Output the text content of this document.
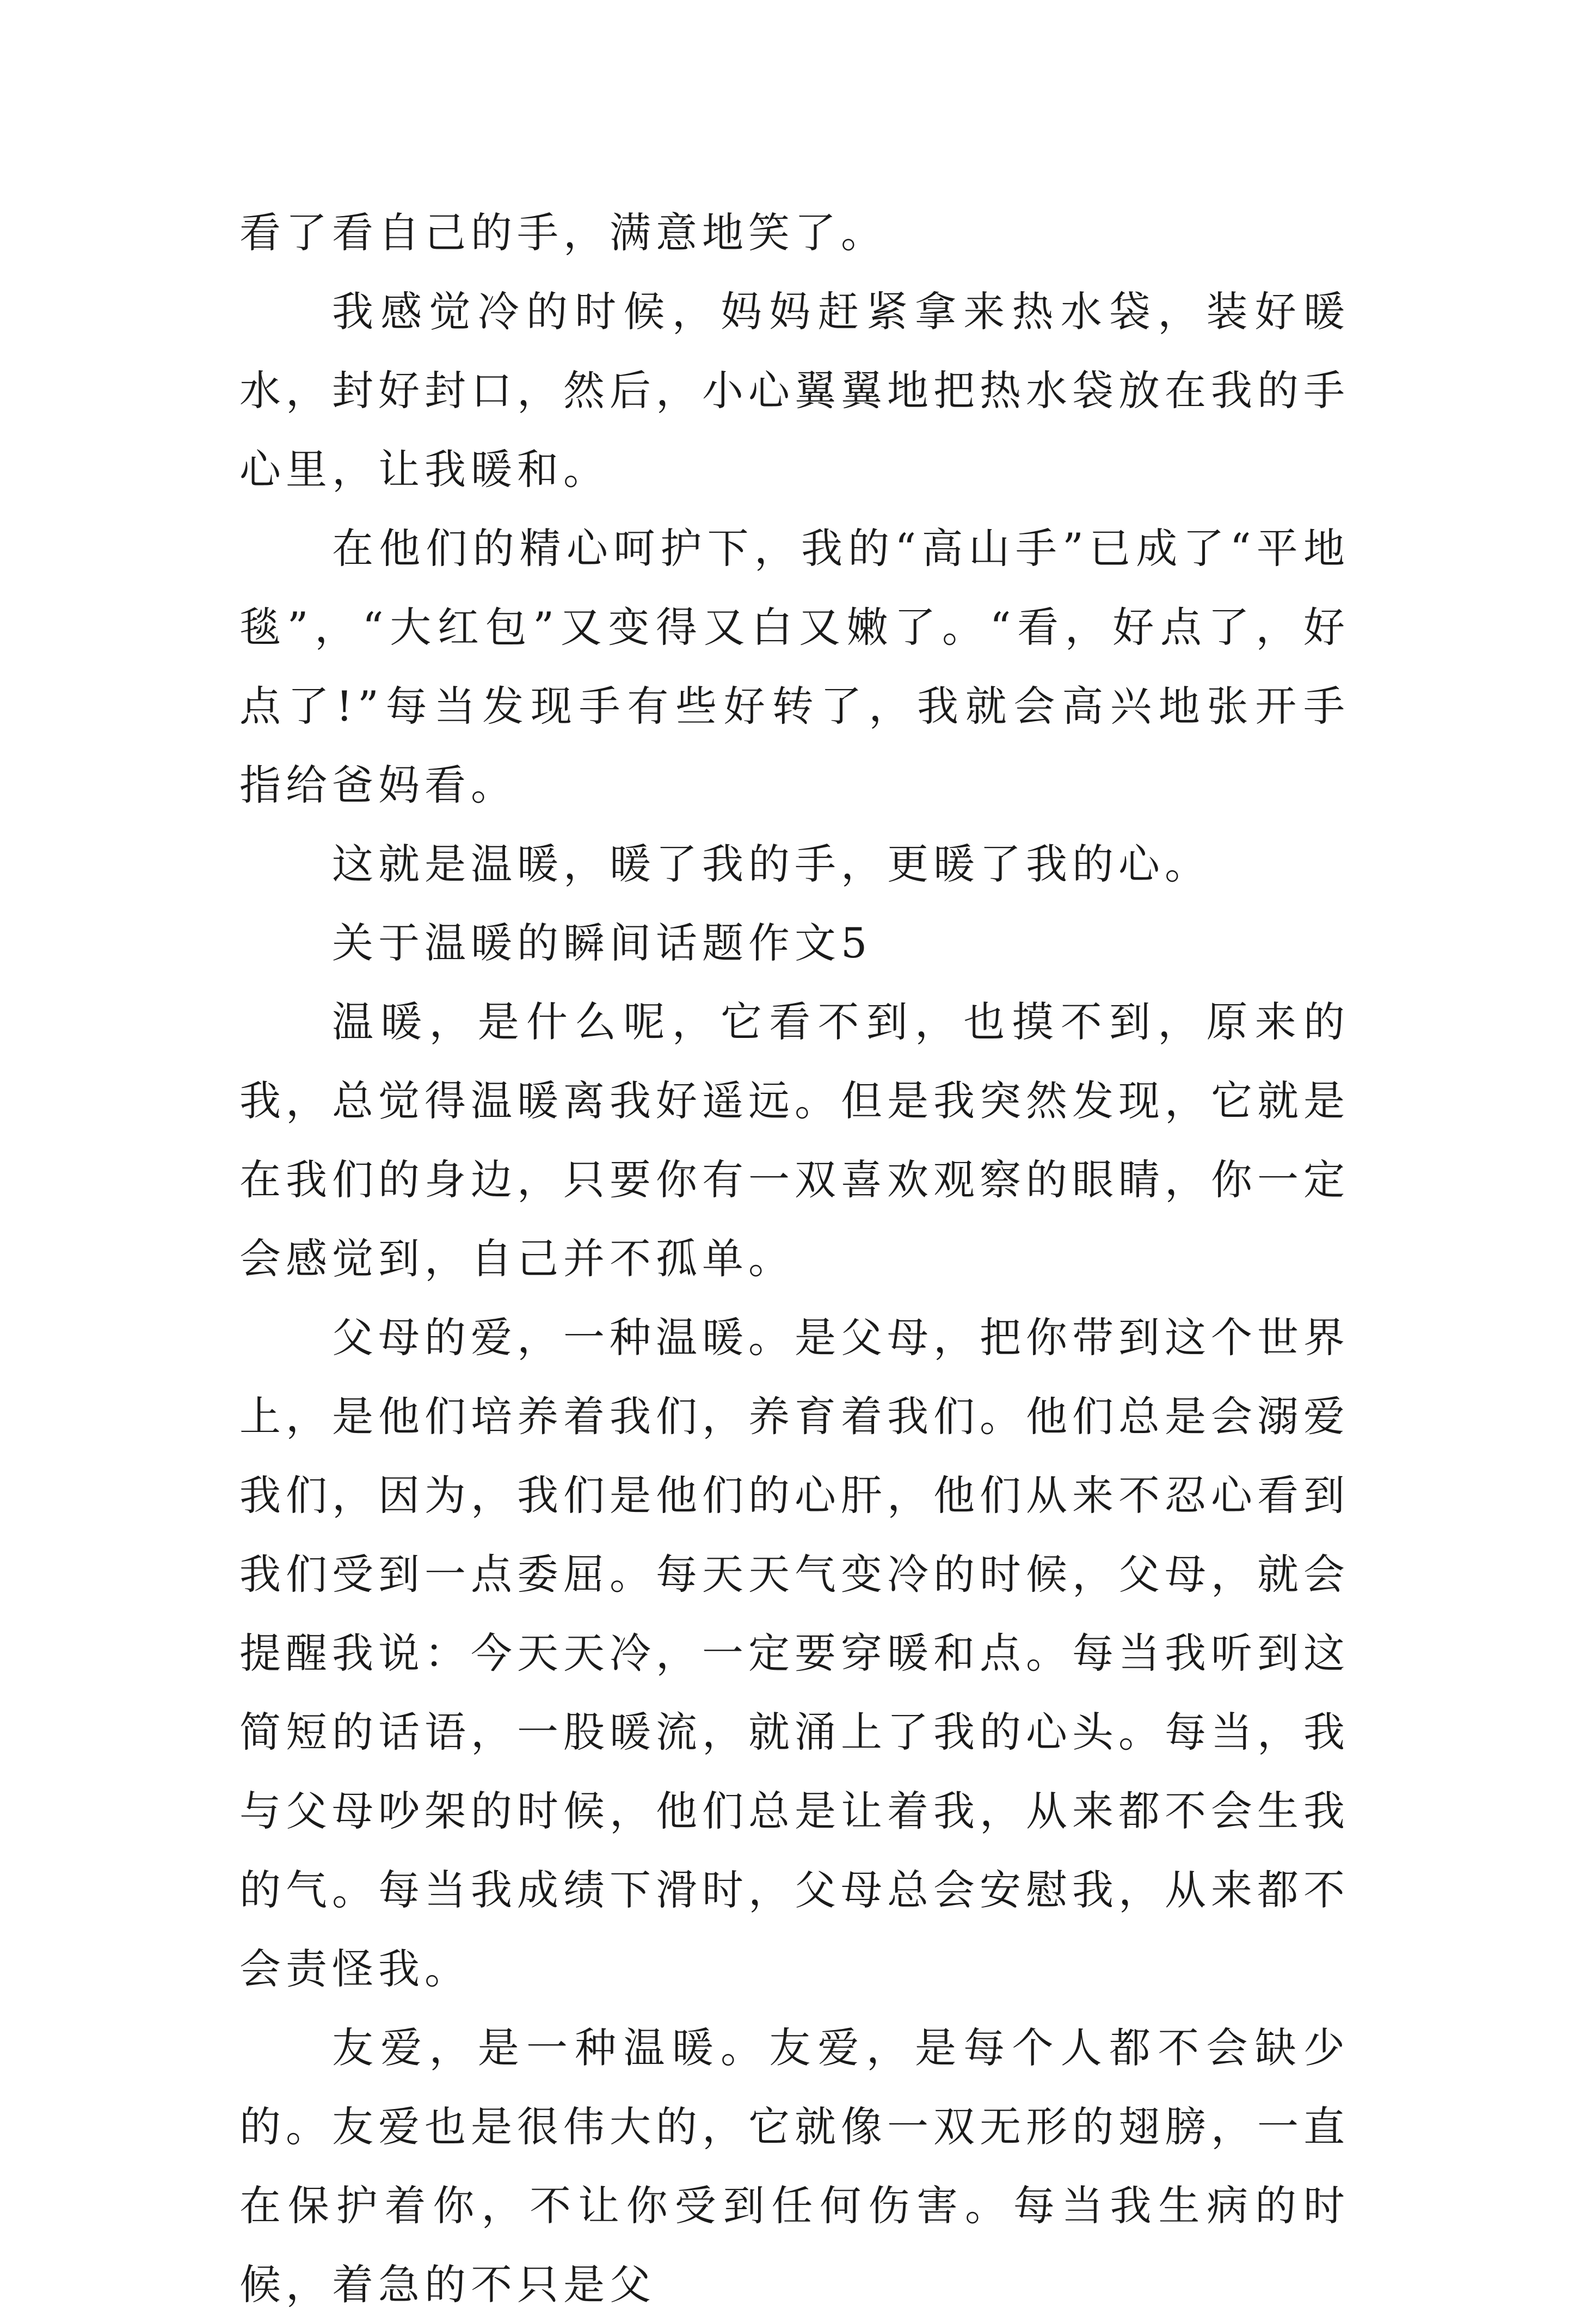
看了看自己的手，满意地笑了。

我感觉冷的时候，妈妈赶紧拿来热水袋，装好暖水，封好封口，然后，小心翼翼地把热水袋放在我的手心里，让我暖和。

在他们的精心呵护下，我的“高山手”已成了“平地毯”，“大红包”又变得又白又嫩了。“看，好点了，好点了!”每当发现手有些好转了，我就会高兴地张开手指给爸妈看。

这就是温暖，暖了我的手，更暖了我的心。

关于温暖的瞬间话题作文5

温暖，是什么呢，它看不到，也摸不到，原来的我，总觉得温暖离我好遥远。但是我突然发现，它就是在我们的身边，只要你有一双喜欢观察的眼睛，你一定会感觉到，自己并不孤单。

父母的爱，一种温暖。是父母，把你带到这个世界上，是他们培养着我们，养育着我们。他们总是会溺爱我们，因为，我们是他们的心肝，他们从来不忍心看到我们受到一点委屈。每天天气变冷的时候，父母，就会提醒我说：今天天冷，一定要穿暖和点。每当我听到这简短的话语，一股暖流，就涌上了我的心头。每当，我与父母吵架的时候，他们总是让着我，从来都不会生我的气。每当我成绩下滑时，父母总会安慰我，从来都不会责怪我。

友爱，是一种温暖。友爱，是每个人都不会缺少的。友爱也是很伟大的，它就像一双无形的翅膀，一直在保护着你，不让你受到任何伤害。每当我生病的时候，着急的不只是父
